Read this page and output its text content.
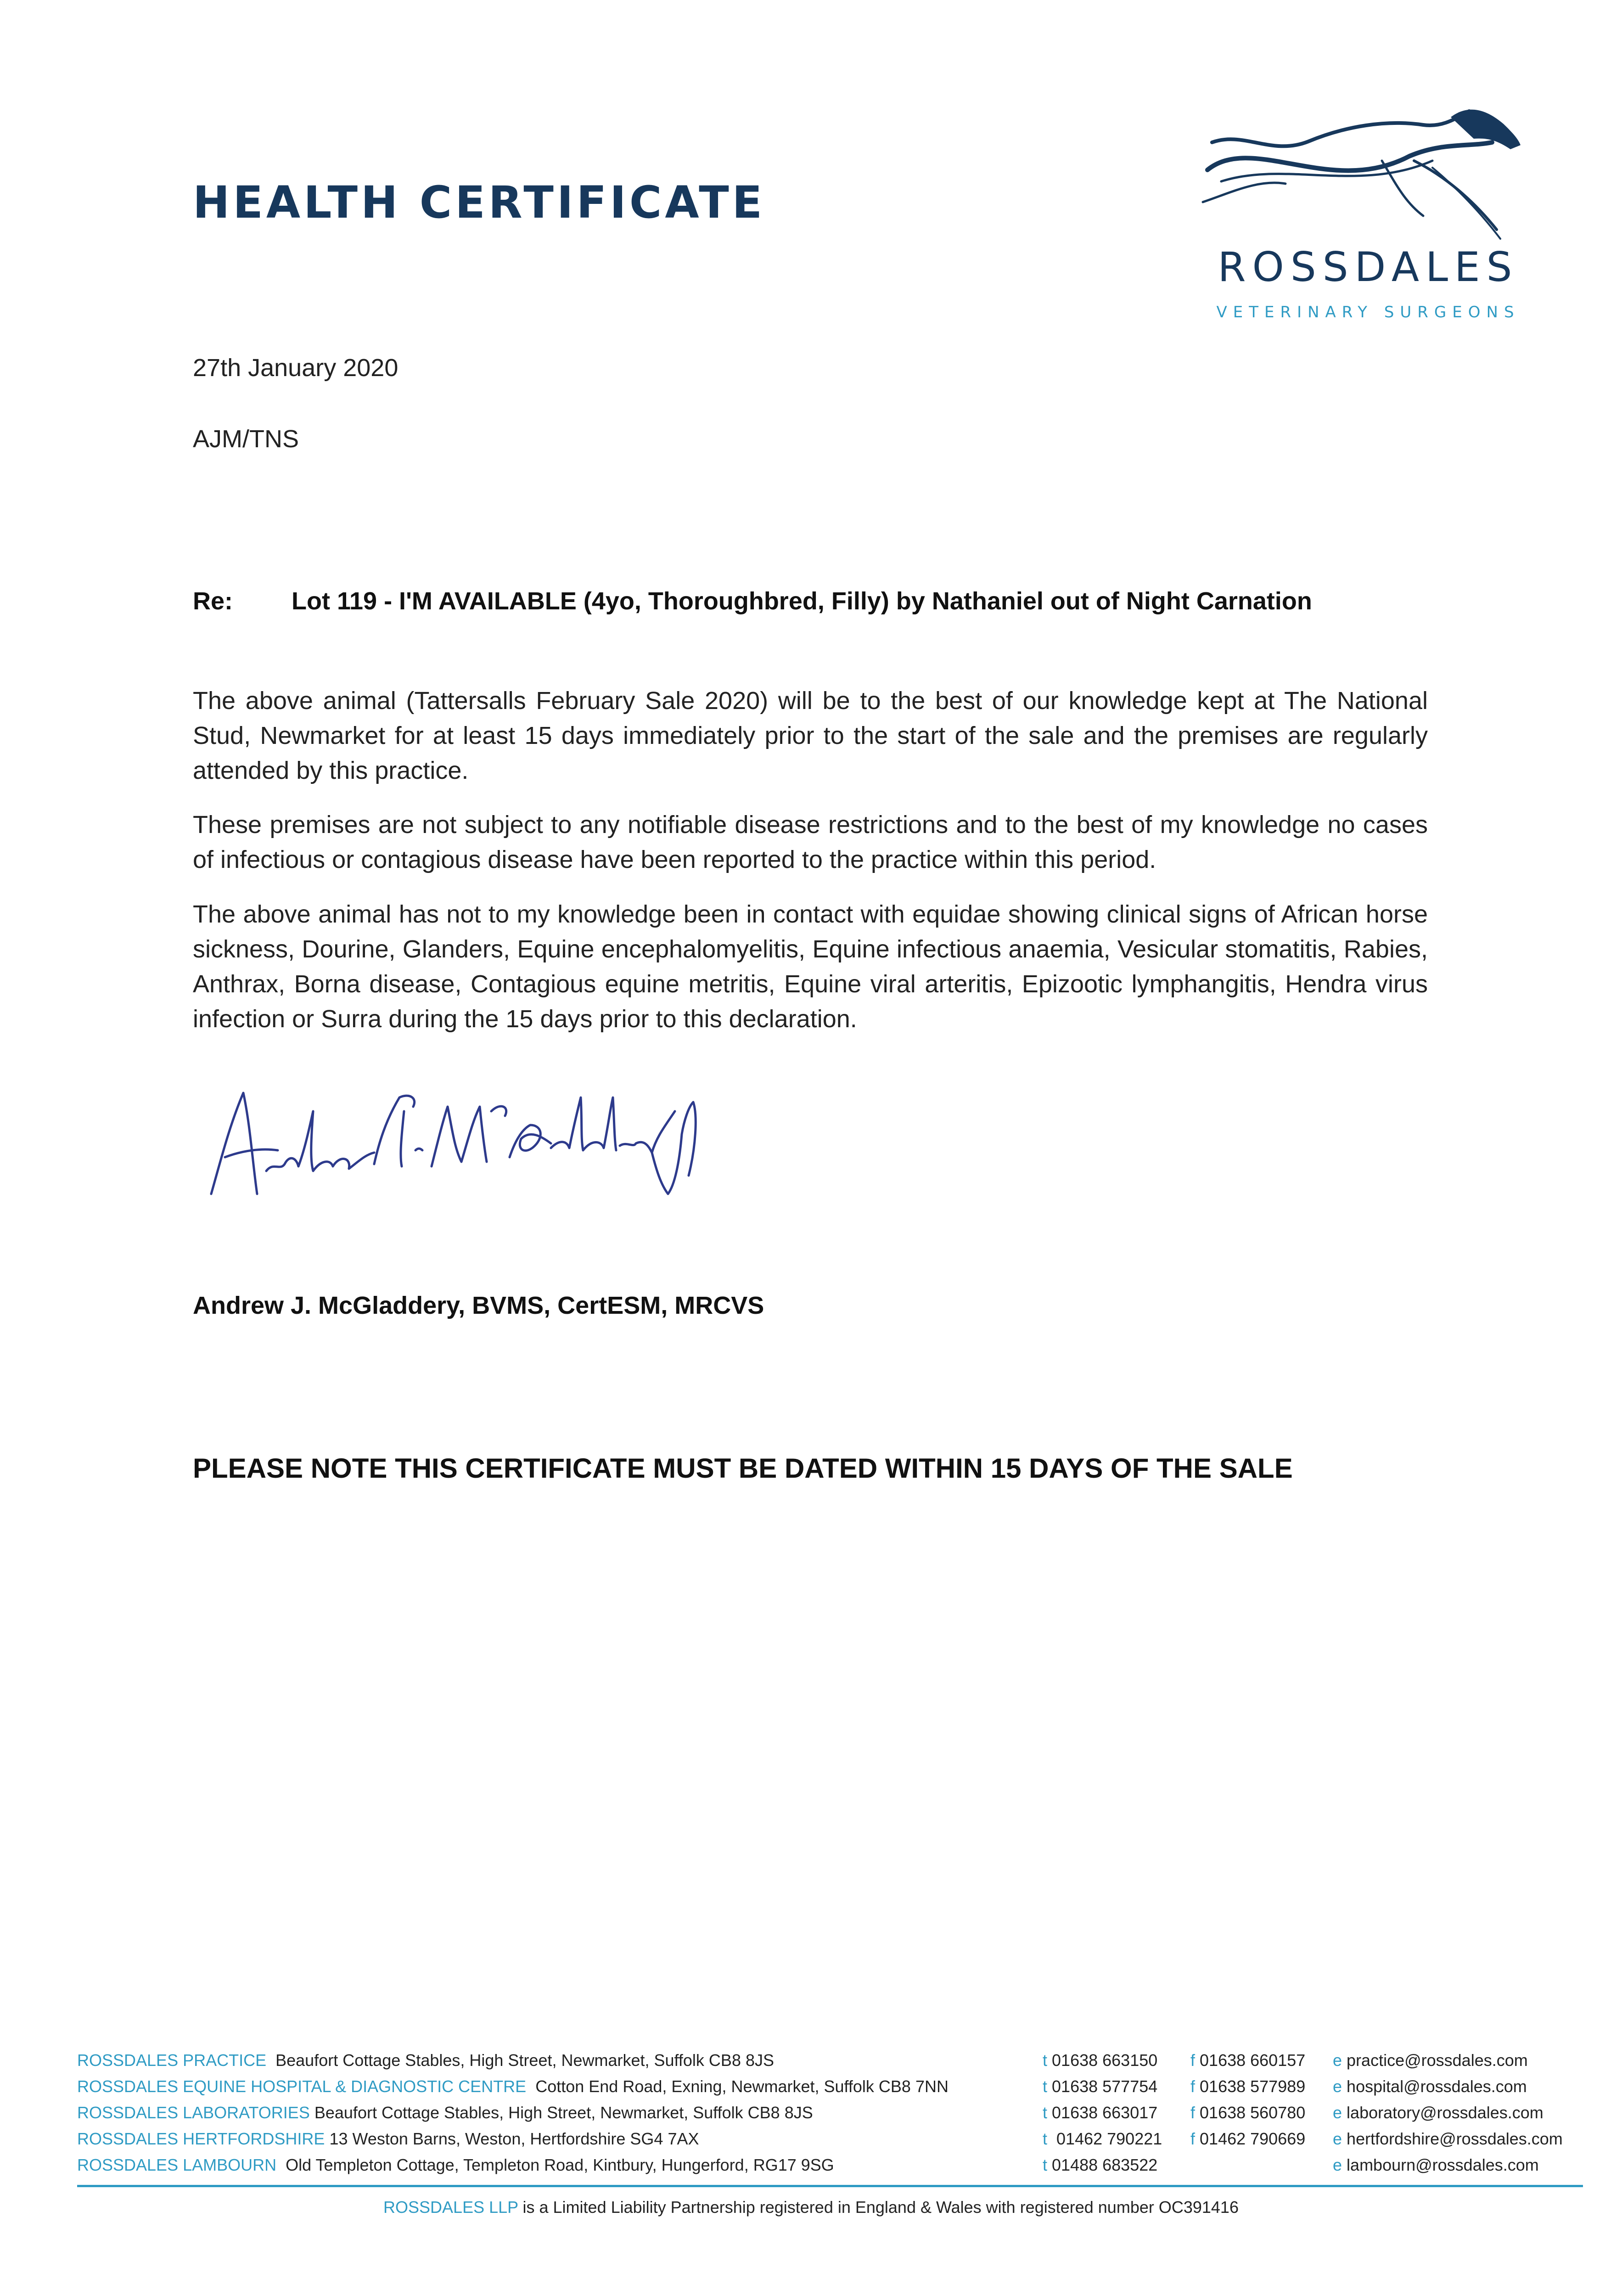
HEALTH CERTIFICATE
ROSSDALES
VETERINARY SURGEONS
27th January 2020
AJM/TNS
Re: Lot 119 - I'M AVAILABLE (4yo, Thoroughbred, Filly) by Nathaniel out of Night Carnation

The above animal (Tattersalls February Sale 2020) will be to the best of our knowledge kept at The National Stud, Newmarket for at least 15 days immediately prior to the start of the sale and the premises are regularly attended by this practice.

These premises are not subject to any notifiable disease restrictions and to the best of my knowledge no cases of infectious or contagious disease have been reported to the practice within this period.

The above animal has not to my knowledge been in contact with equidae showing clinical signs of African horse sickness, Dourine, Glanders, Equine encephalomyelitis, Equine infectious anaemia, Vesicular stomatitis, Rabies, Anthrax, Borna disease, Contagious equine metritis, Equine viral arteritis, Epizootic lymphangitis, Hendra virus infection or Surra during the 15 days prior to this declaration.

Andrew J. McGladdery, BVMS, CertESM, MRCVS
PLEASE NOTE THIS CERTIFICATE MUST BE DATED WITHIN 15 DAYS OF THE SALE
ROSSDALES PRACTICE Beaufort Cottage Stables, High Street, Newmarket, Suffolk CB8 8JS	t 01638 663150	f 01638 660157	e practice@rossdales.com
ROSSDALES EQUINE HOSPITAL & DIAGNOSTIC CENTRE Cotton End Road, Exning, Newmarket, Suffolk CB8 7NN	t 01638 577754	f 01638 577989	e hospital@rossdales.com
ROSSDALES LABORATORIES Beaufort Cottage Stables, High Street, Newmarket, Suffolk CB8 8JS	t 01638 663017	f 01638 560780	e laboratory@rossdales.com
ROSSDALES HERTFORDSHIRE 13 Weston Barns, Weston, Hertfordshire SG4 7AX	t 01462 790221	f 01462 790669	e hertfordshire@rossdales.com
ROSSDALES LAMBOURN Old Templeton Cottage, Templeton Road, Kintbury, Hungerford, RG17 9SG	t 01488 683522		e lambourn@rossdales.com
ROSSDALES LLP is a Limited Liability Partnership registered in England & Wales with registered number OC391416
